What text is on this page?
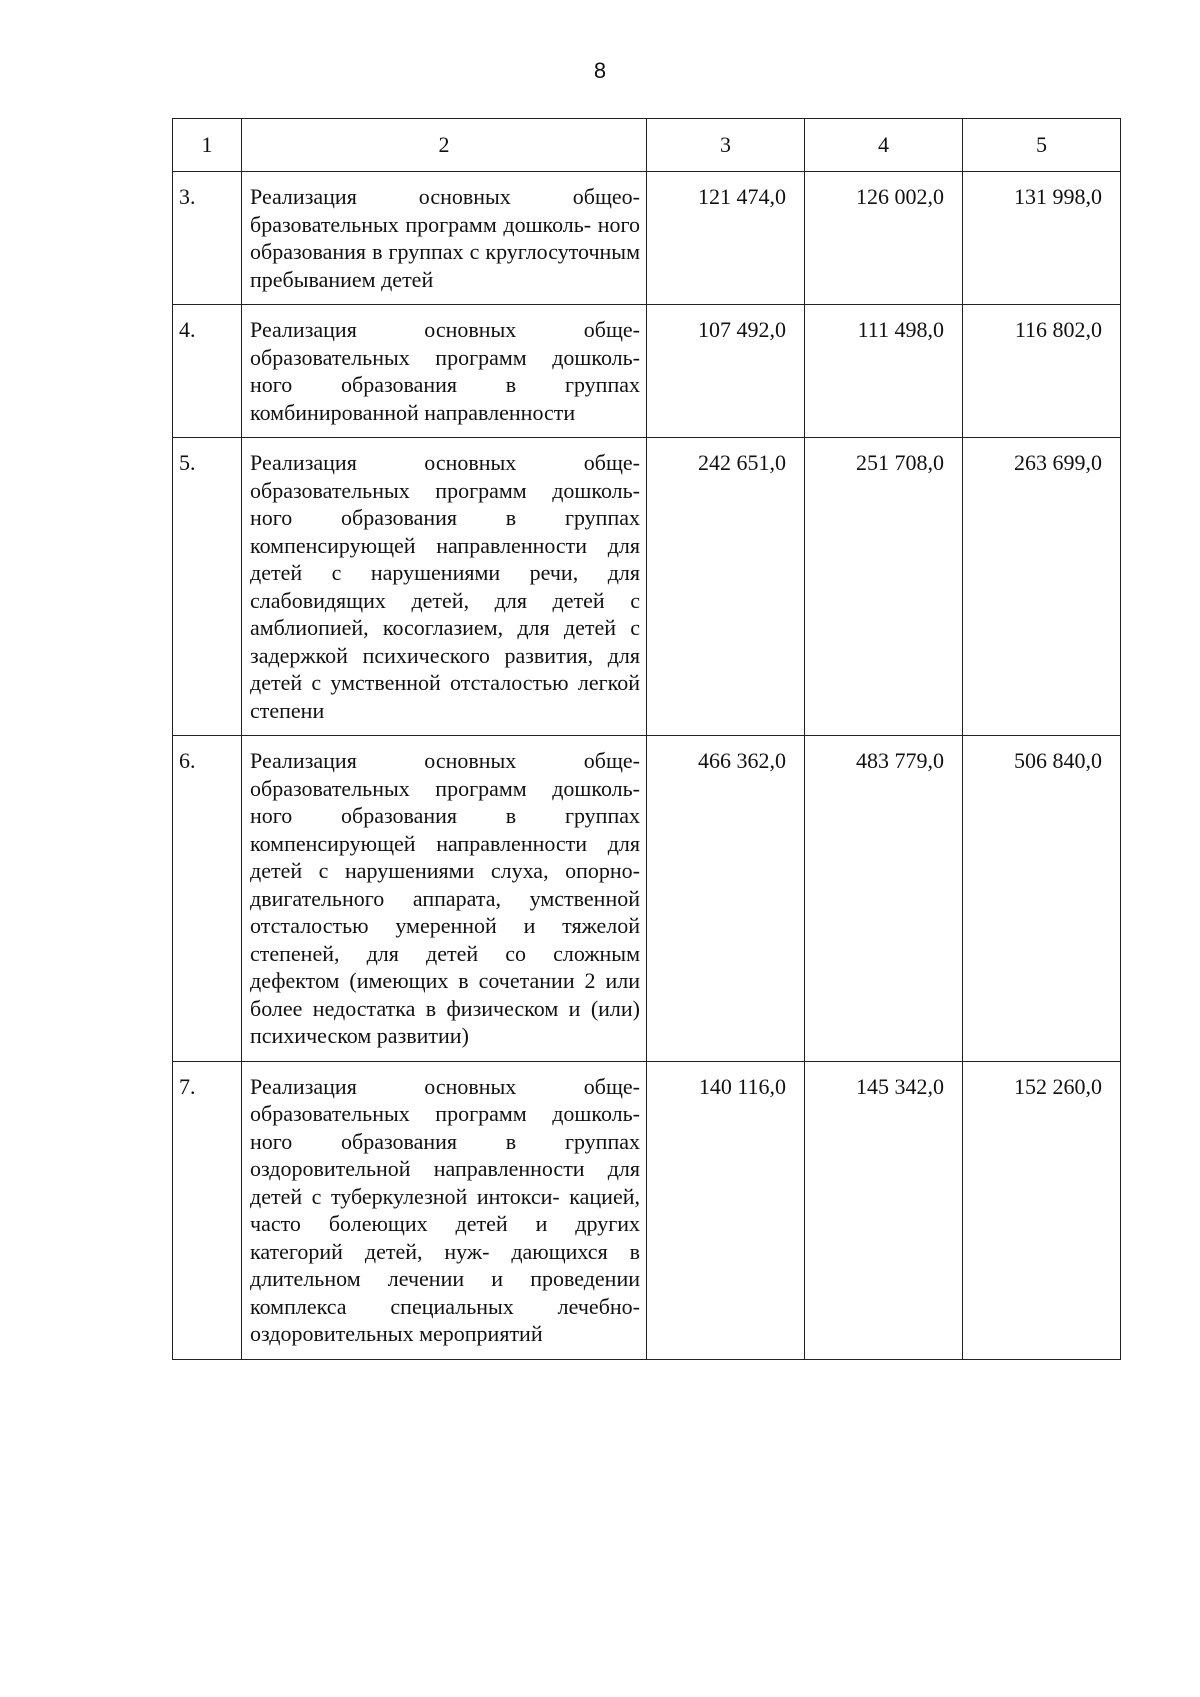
8
1	2	3	4	5
3.	Реализация основных общео- бразовательных программ дошколь- ного образования в группах с круглосуточным пребыванием детей	121 474,0	126 002,0	131 998,0
4.	Реализация основных обще- образовательных программ дошколь- ного образования в группах комбинированной направленности	107 492,0	111 498,0	116 802,0
5.	Реализация основных обще- образовательных программ дошколь- ного образования в группах компенсирующей направленности для детей с нарушениями речи, для слабовидящих детей, для детей с амблиопией, косоглазием, для детей с задержкой психического развития, для детей с умственной отсталостью легкой степени	242 651,0	251 708,0	263 699,0
6.	Реализация основных обще- образовательных программ дошколь- ного образования в группах компенсирующей направленности для детей с нарушениями слуха, опорно-двигательного аппарата, умственной отсталостью умеренной и тяжелой степеней, для детей со сложным дефектом (имеющих в сочетании 2 или более недостатка в физическом и (или) психическом развитии)	466 362,0	483 779,0	506 840,0
7.	Реализация основных обще- образовательных программ дошколь- ного образования в группах оздоровительной направленности для детей с туберкулезной интокси- кацией, часто болеющих детей и других категорий детей, нуж- дающихся в длительном лечении и проведении комплекса специальных лечебно-оздоровительных мероприятий	140 116,0	145 342,0	152 260,0
